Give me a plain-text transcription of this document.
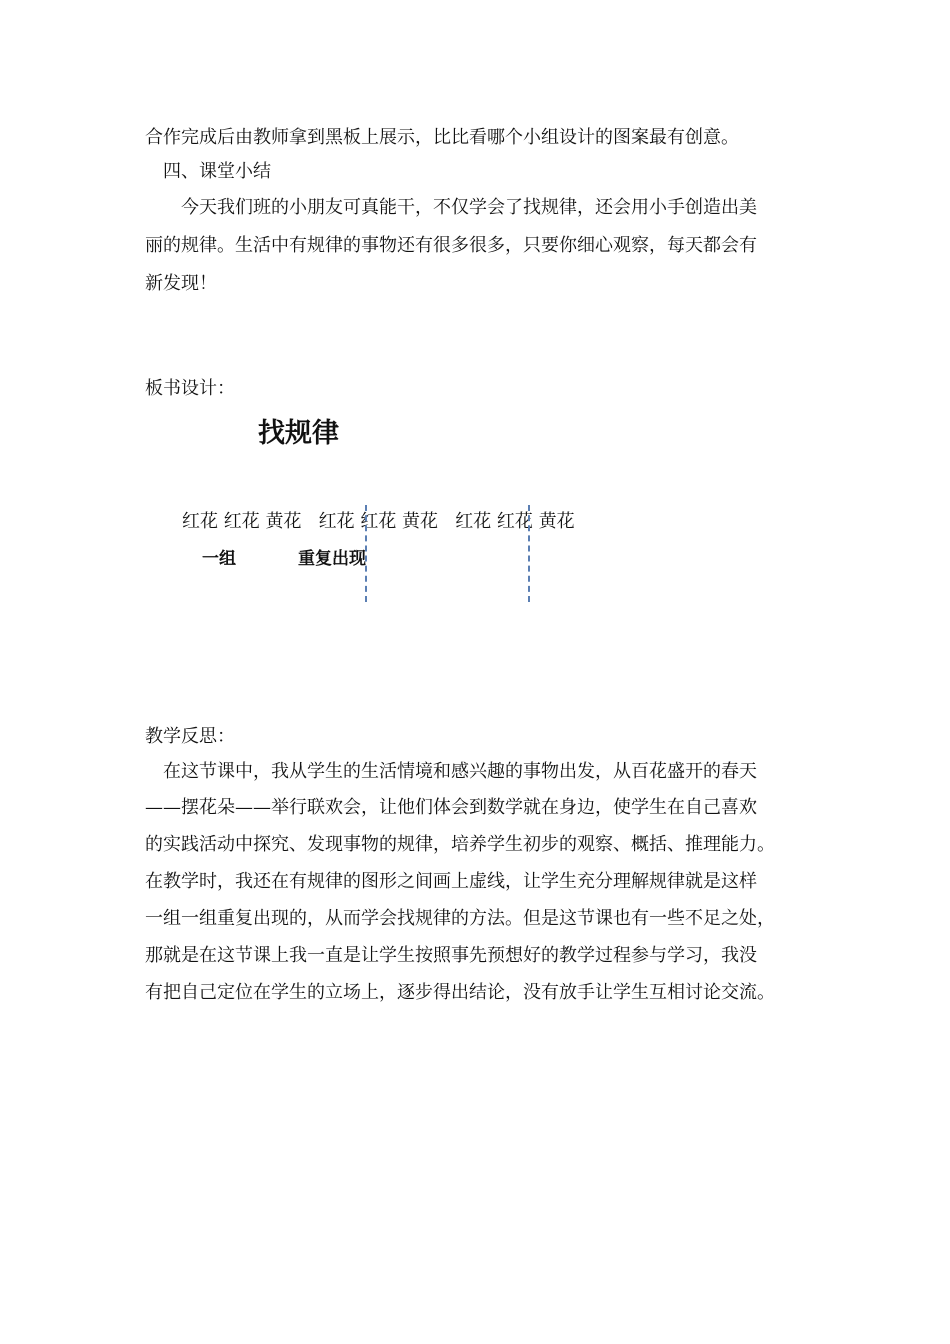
合作完成后由教师拿到黑板上展示，比比看哪个小组设计的图案最有创意。
四、课堂小结
今天我们班的小朋友可真能干，不仅学会了找规律，还会用小手创造出美
丽的规律。生活中有规律的事物还有很多很多，只要你细心观察，每天都会有
新发现！
板书设计：
找规律
红花 红花 黄花   红花 红花 黄花   红花 红花 黄花
一组	重复出现
教学反思：
在这节课中，我从学生的生活情境和感兴趣的事物出发，从百花盛开的春天
——摆花朵——举行联欢会，让他们体会到数学就在身边，使学生在自己喜欢
的实践活动中探究、发现事物的规律，培养学生初步的观察、概括、推理能力。
在教学时，我还在有规律的图形之间画上虚线，让学生充分理解规律就是这样
一组一组重复出现的，从而学会找规律的方法。但是这节课也有一些不足之处，
那就是在这节课上我一直是让学生按照事先预想好的教学过程参与学习，我没
有把自己定位在学生的立场上，逐步得出结论，没有放手让学生互相讨论交流。
